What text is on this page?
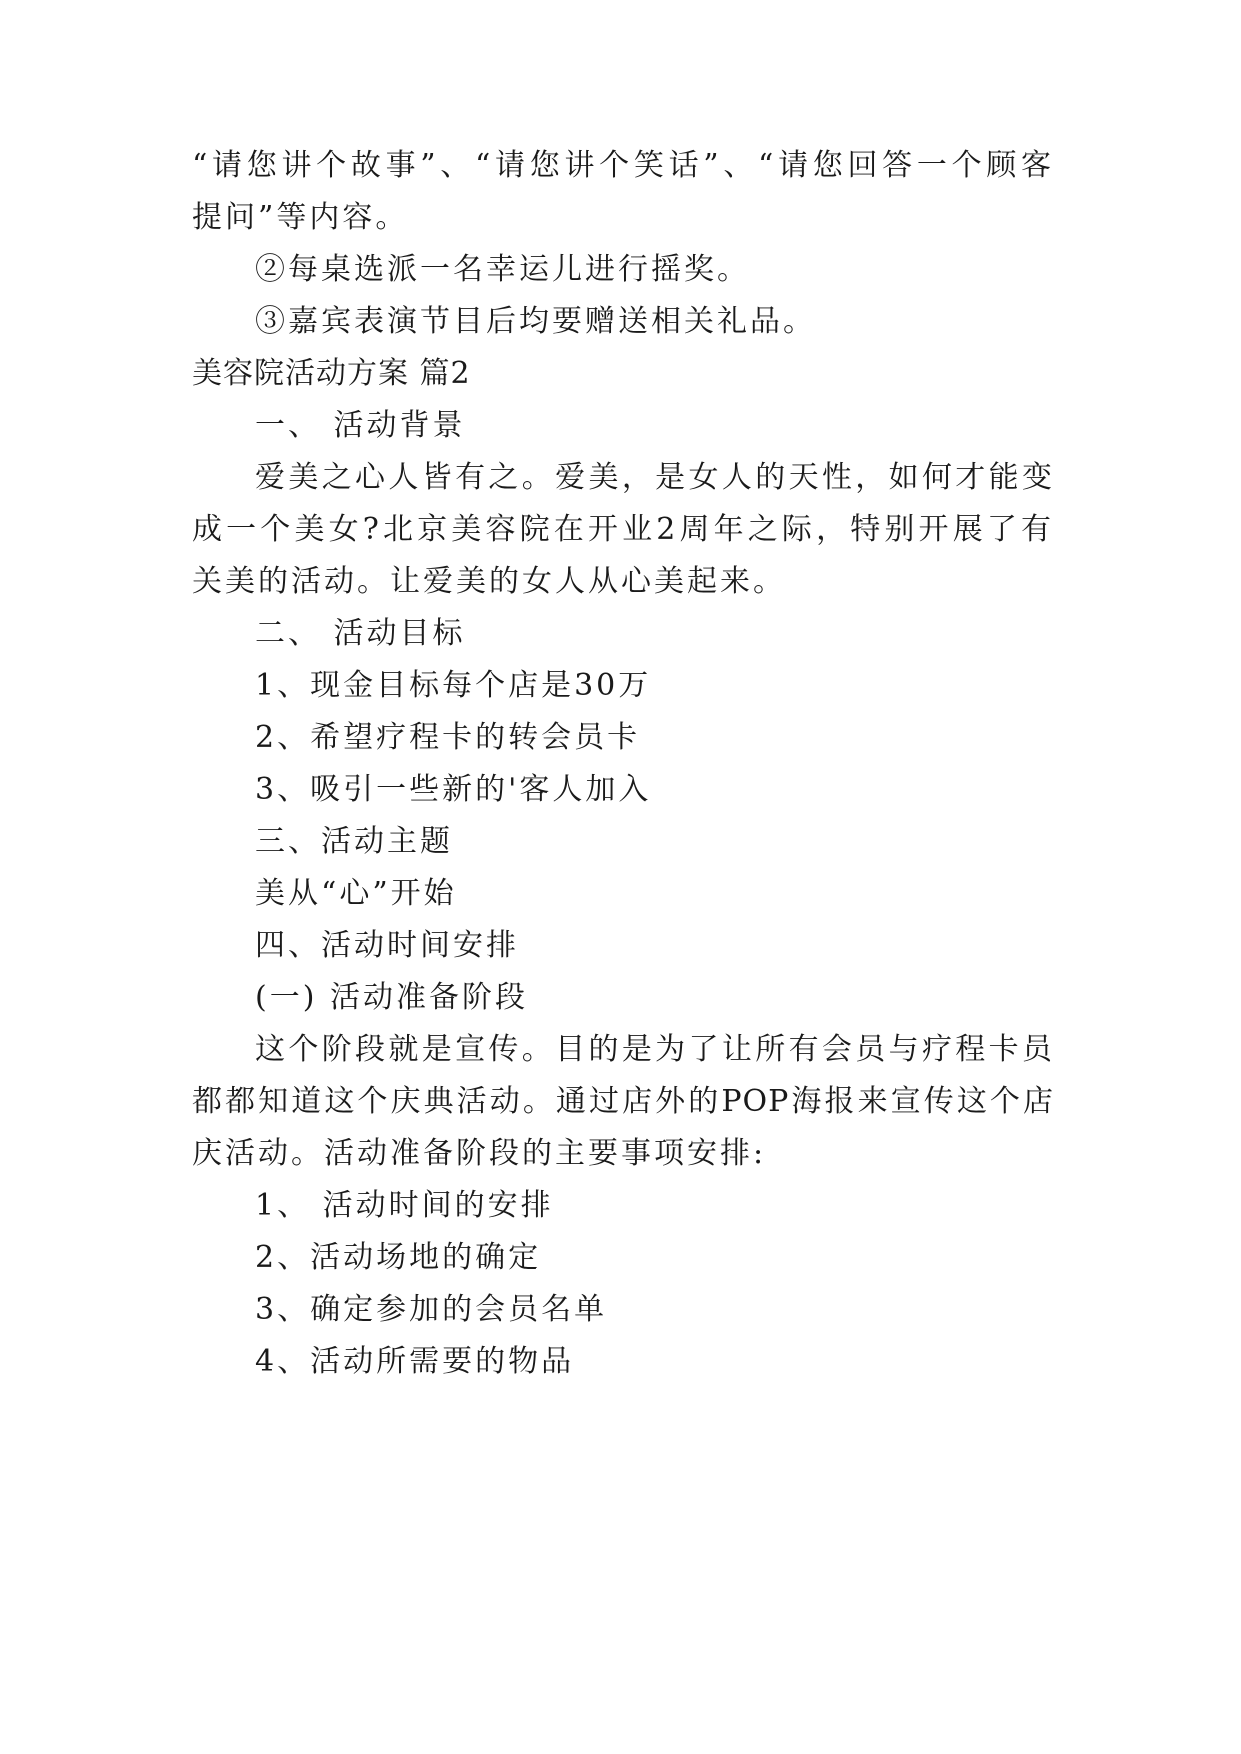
“请您讲个故事”、“请您讲个笑话”、“请您回答一个顾客
提问”等内容。
②每桌选派一名幸运儿进行摇奖。
③嘉宾表演节目后均要赠送相关礼品。
美容院活动方案 篇2
一、 活动背景
爱美之心人皆有之。爱美，是女人的天性，如何才能变
成一个美女?北京美容院在开业2周年之际，特别开展了有
关美的活动。让爱美的女人从心美起来。
二、 活动目标
1、现金目标每个店是30万
2、希望疗程卡的转会员卡
3、吸引一些新的'客人加入
三、活动主题
美从“心”开始
四、活动时间安排
(一) 活动准备阶段
这个阶段就是宣传。目的是为了让所有会员与疗程卡员
都都知道这个庆典活动。通过店外的POP海报来宣传这个店
庆活动。活动准备阶段的主要事项安排:
1、 活动时间的安排
2、活动场地的确定
3、确定参加的会员名单
4、活动所需要的物品
